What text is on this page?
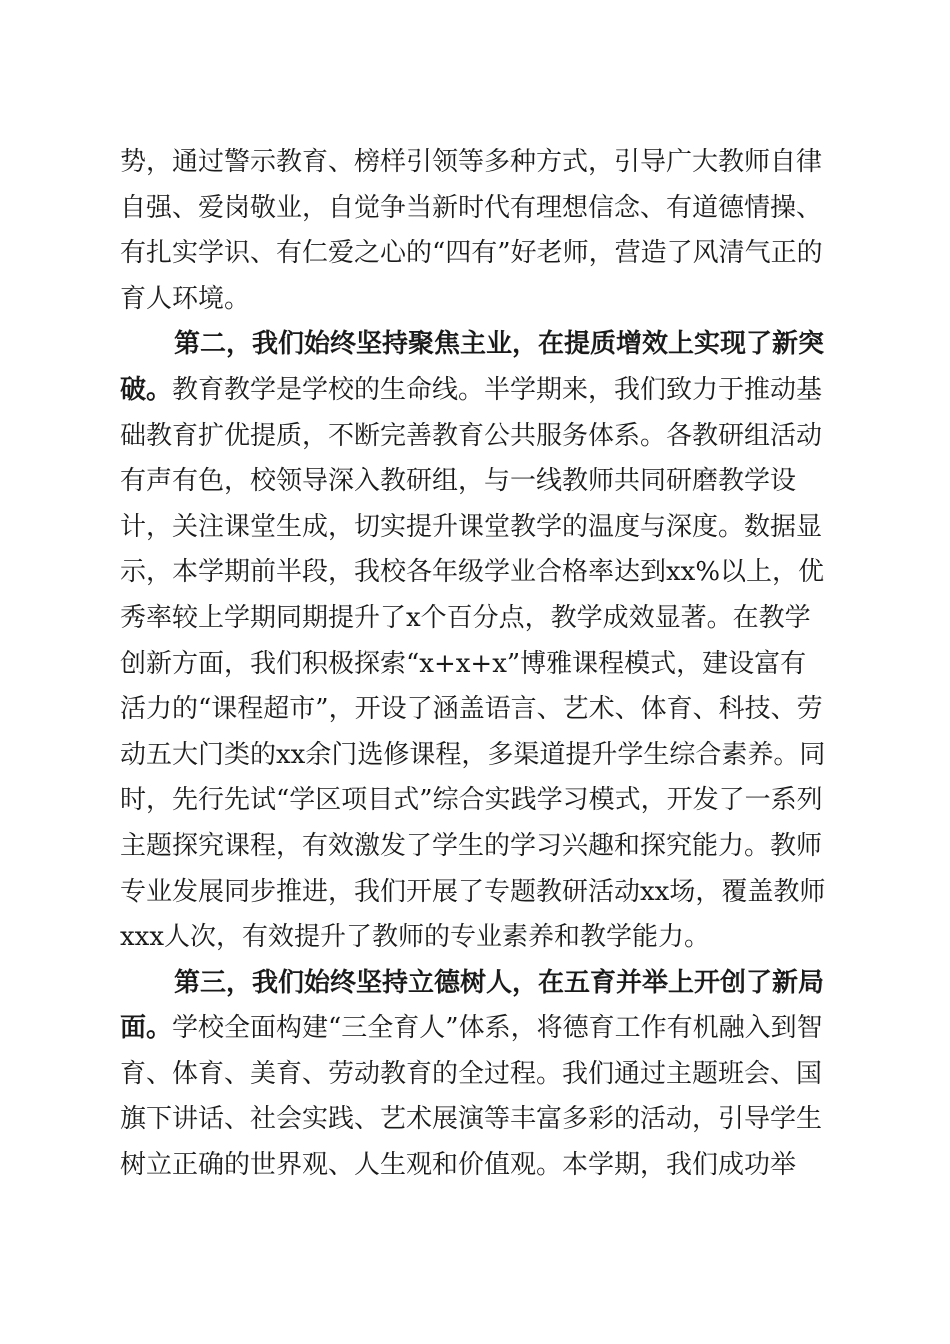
势，通过警示教育、榜样引领等多种方式，引导广大教师自律自强、爱岗敬业，自觉争当新时代有理想信念、有道德情操、有扎实学识、有仁爱之心的“四有”好老师，营造了风清气正的育人环境。

第二，我们始终坚持聚焦主业，在提质增效上实现了新突破。教育教学是学校的生命线。半学期来，我们致力于推动基础教育扩优提质，不断完善教育公共服务体系。各教研组活动有声有色，校领导深入教研组，与一线教师共同研磨教学设计，关注课堂生成，切实提升课堂教学的温度与深度。数据显示，本学期前半段，我校各年级学业合格率达到xx%以上，优秀率较上学期同期提升了x个百分点，教学成效显著。在教学创新方面，我们积极探索“x+x+x”博雅课程模式，建设富有活力的“课程超市”，开设了涵盖语言、艺术、体育、科技、劳动五大门类的xx余门选修课程，多渠道提升学生综合素养。同时，先行先试“学区项目式”综合实践学习模式，开发了一系列主题探究课程，有效激发了学生的学习兴趣和探究能力。教师专业发展同步推进，我们开展了专题教研活动xx场，覆盖教师xxx人次，有效提升了教师的专业素养和教学能力。

第三，我们始终坚持立德树人，在五育并举上开创了新局面。学校全面构建“三全育人”体系，将德育工作有机融入到智育、体育、美育、劳动教育的全过程。我们通过主题班会、国旗下讲话、社会实践、艺术展演等丰富多彩的活动，引导学生树立正确的世界观、人生观和价值观。本学期，我们成功举
